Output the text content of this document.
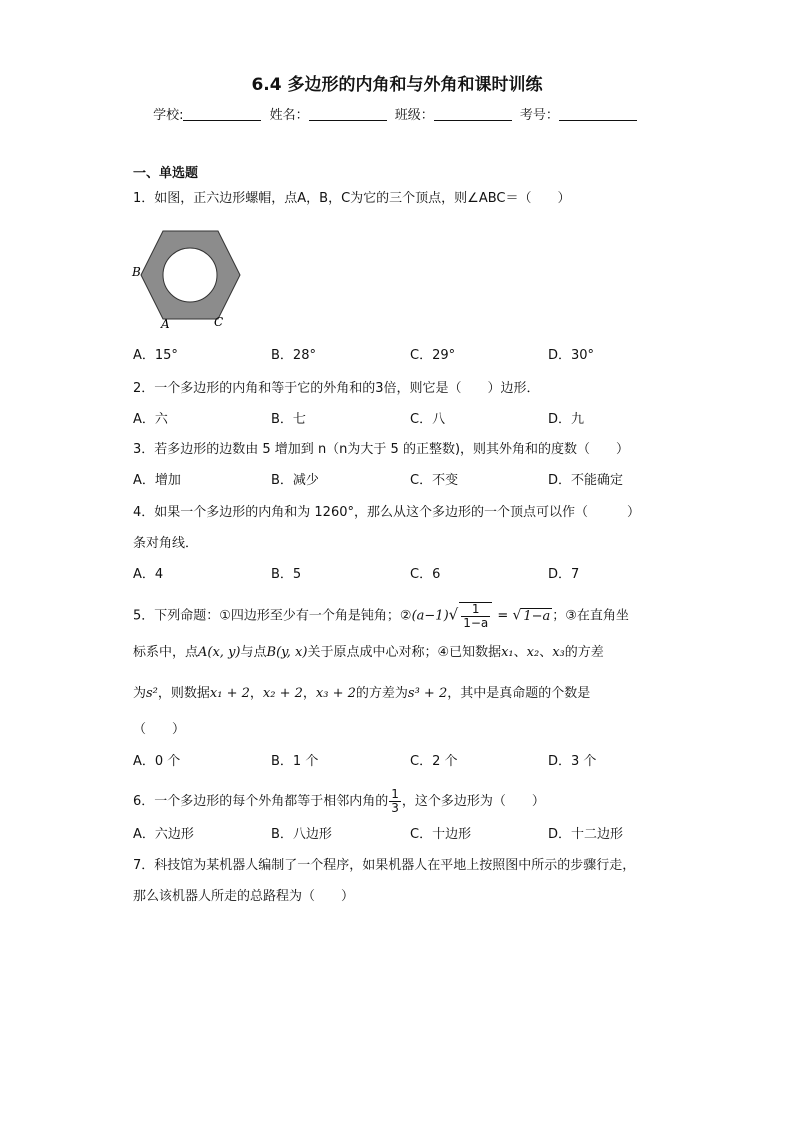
6.4 多边形的内角和与外角和课时训练
学校:	姓名：	班级：	考号：
一、单选题
1．如图，正六边形螺帽，点A，B，C为它的三个顶点，则∠ABC＝（　　）
B
A	C
A．15°	B．28°	C．29°	D．30°
2．一个多边形的内角和等于它的外角和的3倍，则它是（　　）边形．
A．六	B．七	C．八	D．九
3．若多边形的边数由 5 增加到 n（n为大于 5 的正整数)，则其外角和的度数（　　）
A．增加	B．减少	C．不变	D．不能确定
4．如果一个多边形的内角和为 1260°，那么从这个多边形的一个顶点可以作（　　　）
条对角线．
A．4	B．5	C．6	D．7
5．下列命题：①四边形至少有一个角是钝角；②(a−1)√ $\frac{1}{1-a}$ = √ 1−a ；③在直角坐
标系中，点A(x, y)与点B(y, x)关于原点成中心对称；④已知数据x₁、x₂、x₃的方差
为s²，则数据x₁ + 2，x₂ + 2，x₃ + 2的方差为s³ + 2，其中是真命题的个数是
（　　）
A．0 个	B．1 个	C．2 个	D．3 个
6．一个多边形的每个外角都等于相邻内角的 $\frac{1}{3}$ ，这个多边形为（　　）
A．六边形	B．八边形	C．十边形	D．十二边形
7．科技馆为某机器人编制了一个程序，如果机器人在平地上按照图中所示的步骤行走，
那么该机器人所走的总路程为（　　）
